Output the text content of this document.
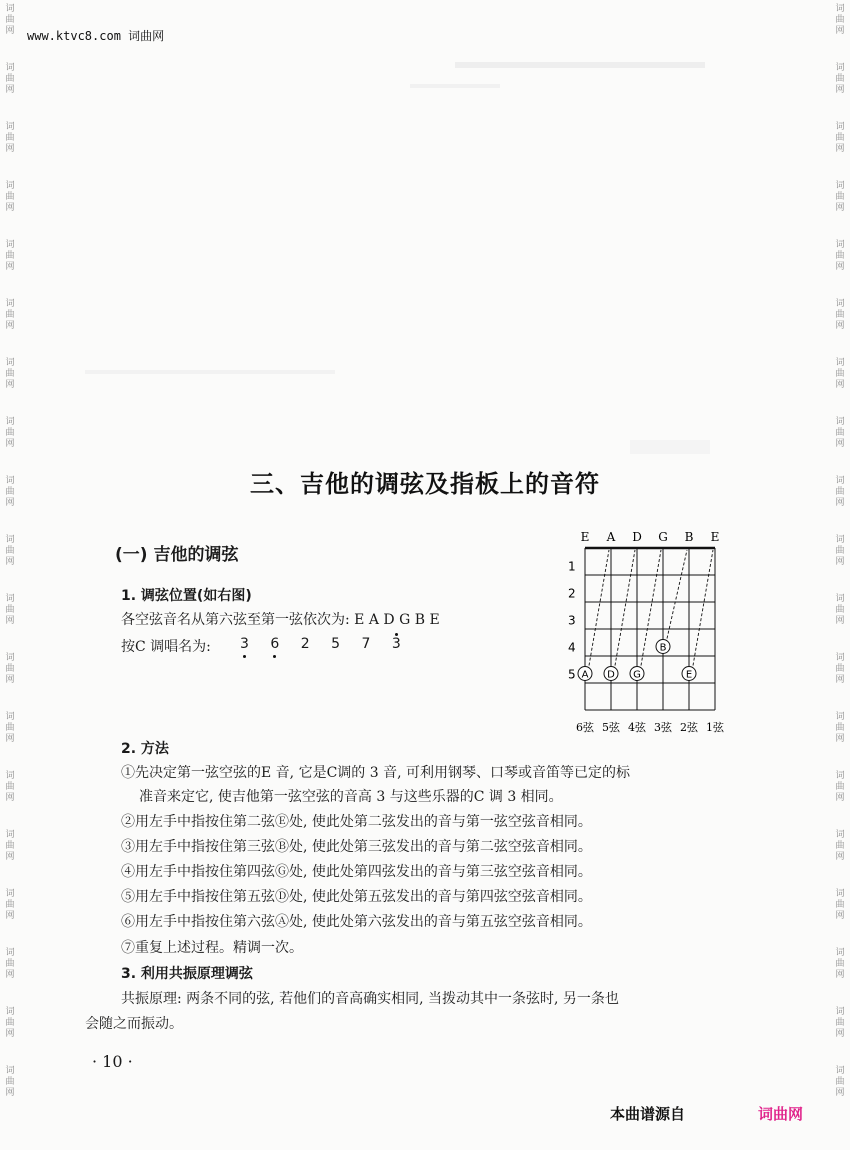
词
曲
网
词
曲
网
词
曲
网
词
曲
网
词
曲
网
词
曲
网
词
曲
网
词
曲
网
词
曲
网
词
曲
网
词
曲
网
词
曲
网
词
曲
网
词
曲
网
词
曲
网
词
曲
网
词
曲
网
词
曲
网
词
曲
网
词
曲
网
词
曲
网
词
曲
网
词
曲
网
词
曲
网
词
曲
网
词
曲
网
词
曲
网
词
曲
网
词
曲
网
词
曲
网
词
曲
网
词
曲
网
词
曲
网
词
曲
网
词
曲
网
词
曲
网
词
曲
网
词
曲
网
www.ktvc8.com 词曲网
三、吉他的调弦及指板上的音符
(一) 吉他的调弦
1. 调弦位置(如右图)
各空弦音名从第六弦至第一弦依次为: E A D G B E
按C 调唱名为: 3 6 2 5 7 3
E A D G B E
1
2
3
4
5 A D G
B
E
6弦 5弦 4弦 3弦 2弦 1弦
2. 方法
①先决定第一弦空弦的E 音, 它是C调的 3 音, 可利用钢琴、口琴或音笛等已定的标
准音来定它, 使吉他第一弦空弦的音高 3 与这些乐器的C 调 3 相同。
②用左手中指按住第二弦Ⓔ处, 使此处第二弦发出的音与第一弦空弦音相同。
③用左手中指按住第三弦Ⓑ处, 使此处第三弦发出的音与第二弦空弦音相同。
④用左手中指按住第四弦Ⓖ处, 使此处第四弦发出的音与第三弦空弦音相同。
⑤用左手中指按住第五弦Ⓓ处, 使此处第五弦发出的音与第四弦空弦音相同。
⑥用左手中指按住第六弦Ⓐ处, 使此处第六弦发出的音与第五弦空弦音相同。
⑦重复上述过程。精调一次。
3. 利用共振原理调弦
共振原理: 两条不同的弦, 若他们的音高确实相同, 当拨动其中一条弦时, 另一条也
会随之而振动。
· 10 ·
本曲谱源自	词曲网
